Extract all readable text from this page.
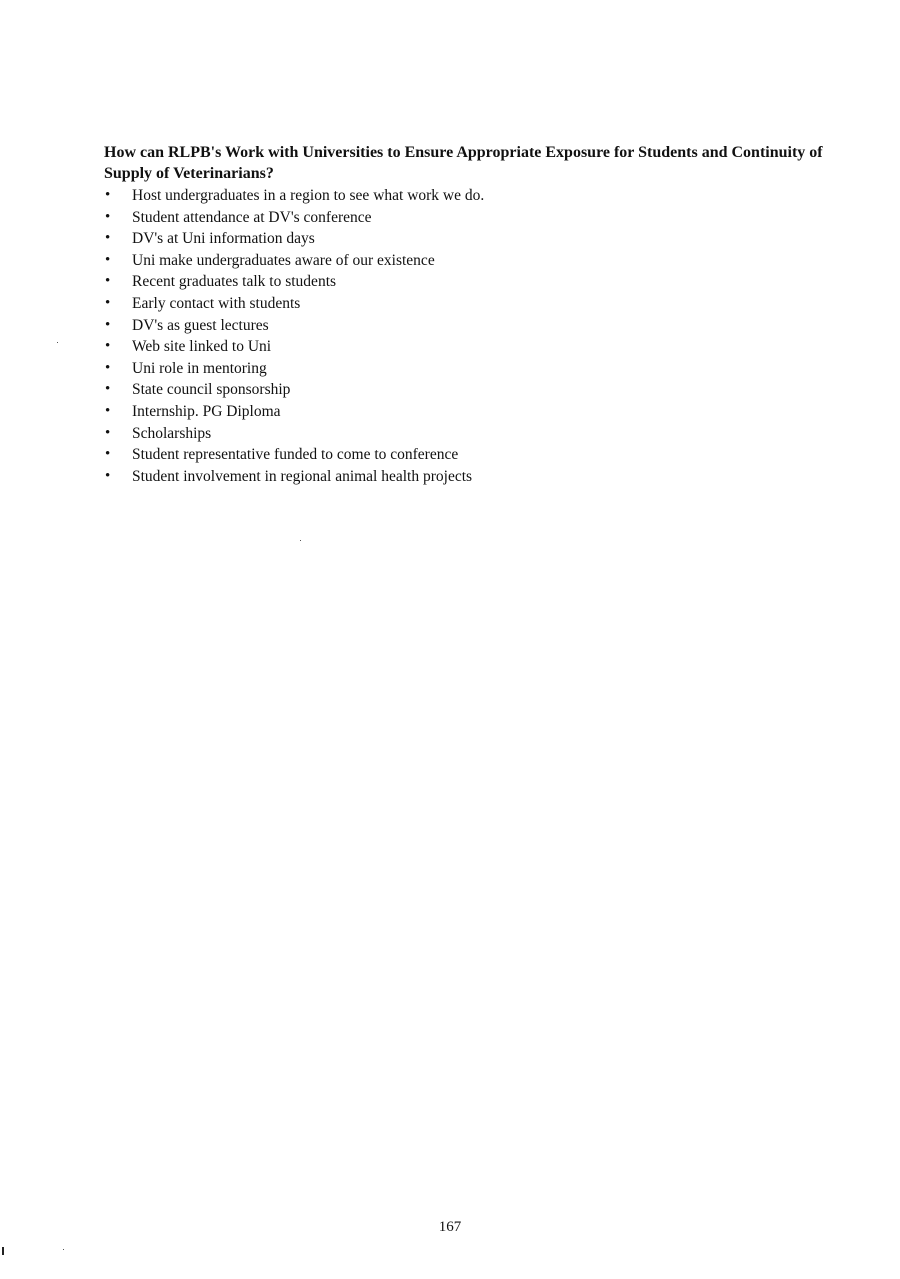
How can RLPB's Work with Universities to Ensure Appropriate Exposure for Students and Continuity of Supply of Veterinarians?
•	Host undergraduates in a region to see what work we do.
•	Student attendance at DV's conference
•	DV's at Uni information days
•	Uni make undergraduates aware of our existence
•	Recent graduates talk to students
•	Early contact with students
•	DV's as guest lectures
•	Web site linked to Uni
•	Uni role in mentoring
•	State council sponsorship
•	Internship. PG Diploma
•	Scholarships
•	Student representative funded to come to conference
•	Student involvement in regional animal health projects
167
